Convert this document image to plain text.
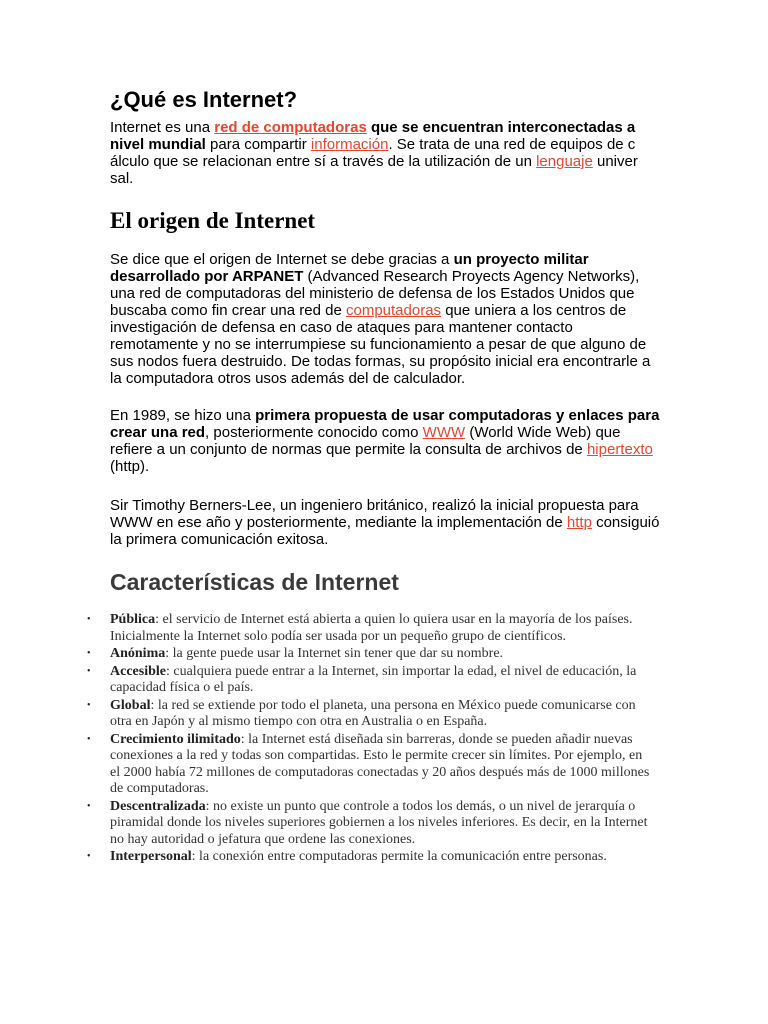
¿Qué es Internet?

Internet es una red de computadoras que se encuentran interconectadas a nivel mundial para compartir información. Se trata de una red de equipos de c álculo que se relacionan entre sí a través de la utilización de un lenguaje univer sal.

El origen de Internet

Se dice que el origen de Internet se debe gracias a un proyecto militar desarrollado por ARPANET (Advanced Research Proyects Agency Networks), una red de computadoras del ministerio de defensa de los Estados Unidos que buscaba como fin crear una red de computadoras que uniera a los centros de investigación de defensa en caso de ataques para mantener contacto remotamente y no se interrumpiese su funcionamiento a pesar de que alguno de sus nodos fuera destruido. De todas formas, su propósito inicial era encontrarle a la computadora otros usos además del de calculador.

En 1989, se hizo una primera propuesta de usar computadoras y enlaces para crear una red, posteriormente conocido como WWW (World Wide Web) que refiere a un conjunto de normas que permite la consulta de archivos de hipertexto (http).

Sir Timothy Berners-Lee, un ingeniero británico, realizó la inicial propuesta para WWW en ese año y posteriormente, mediante la implementación de http consiguió la primera comunicación exitosa.

Características de Internet
• Pública: el servicio de Internet está abierta a quien lo quiera usar en la mayoría de los países. Inicialmente la Internet solo podía ser usada por un pequeño grupo de científicos.
• Anónima: la gente puede usar la Internet sin tener que dar su nombre.
• Accesible: cualquiera puede entrar a la Internet, sin importar la edad, el nivel de educación, la capacidad física o el país.
• Global: la red se extiende por todo el planeta, una persona en México puede comunicarse con otra en Japón y al mismo tiempo con otra en Australia o en España.
• Crecimiento ilimitado: la Internet está diseñada sin barreras, donde se pueden añadir nuevas conexiones a la red y todas son compartidas. Esto le permite crecer sin límites. Por ejemplo, en el 2000 había 72 millones de computadoras conectadas y 20 años después más de 1000 millones de computadoras.
• Descentralizada: no existe un punto que controle a todos los demás, o un nivel de jerarquía o piramidal donde los niveles superiores gobiernen a los niveles inferiores. Es decir, en la Internet no hay autoridad o jefatura que ordene las conexiones.
• Interpersonal: la conexión entre computadoras permite la comunicación entre personas.
